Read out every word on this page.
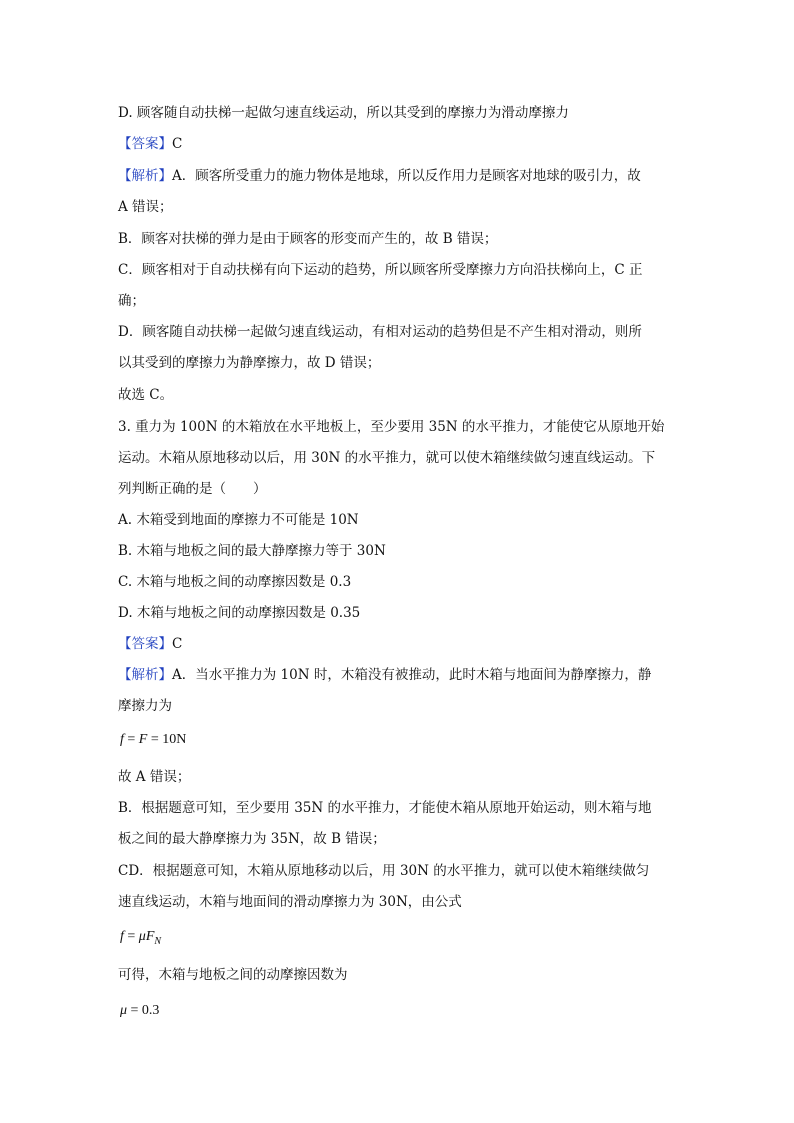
D. 顾客随自动扶梯一起做匀速直线运动，所以其受到的摩擦力为滑动摩擦力
【答案】C
【解析】A．顾客所受重力的施力物体是地球，所以反作用力是顾客对地球的吸引力，故
A 错误；
B．顾客对扶梯的弹力是由于顾客的形变而产生的，故 B 错误；
C．顾客相对于自动扶梯有向下运动的趋势，所以顾客所受摩擦力方向沿扶梯向上，C 正
确；
D．顾客随自动扶梯一起做匀速直线运动，有相对运动的趋势但是不产生相对滑动，则所
以其受到的摩擦力为静摩擦力，故 D 错误；
故选 C。
3. 重力为 100N 的木箱放在水平地板上，至少要用 35N 的水平推力，才能使它从原地开始
运动。木箱从原地移动以后，用 30N 的水平推力，就可以使木箱继续做匀速直线运动。下
列判断正确的是（　　）
A. 木箱受到地面的摩擦力不可能是 10N
B. 木箱与地板之间的最大静摩擦力等于 30N
C. 木箱与地板之间的动摩擦因数是 0.3
D. 木箱与地板之间的动摩擦因数是 0.35
【答案】C
【解析】A．当水平推力为 10N 时，木箱没有被推动，此时木箱与地面间为静摩擦力，静
摩擦力为
f = F = 10N
故 A 错误；
B．根据题意可知，至少要用 35N 的水平推力，才能使木箱从原地开始运动，则木箱与地
板之间的最大静摩擦力为 35N，故 B 错误；
CD．根据题意可知，木箱从原地移动以后，用 30N 的水平推力，就可以使木箱继续做匀
速直线运动，木箱与地面间的滑动摩擦力为 30N，由公式
$f = \mu F_N$
可得，木箱与地板之间的动摩擦因数为
μ = 0.3
